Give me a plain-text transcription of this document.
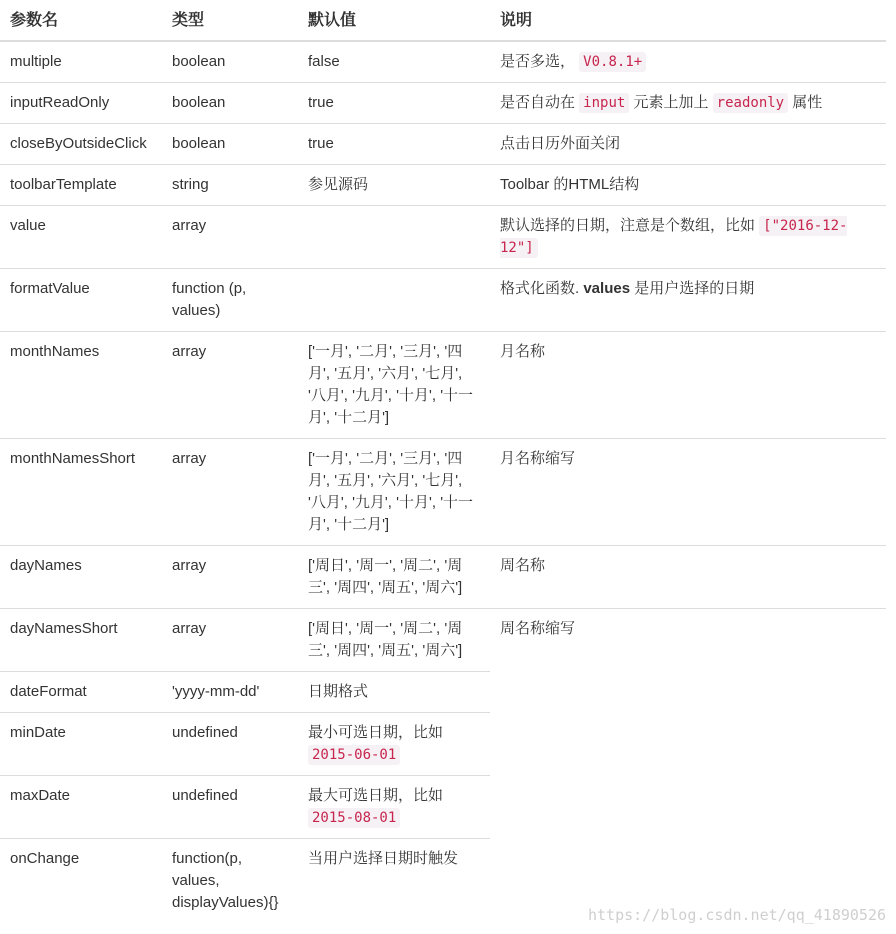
参数名	类型	默认值	说明
multiple	boolean	false	是否多选， V0.8.1+
inputReadOnly	boolean	true	是否自动在 input 元素上加上 readonly 属性
closeByOutsideClick	boolean	true	点击日历外面关闭
toolbarTemplate	string	参见源码	Toolbar 的HTML结构
value	array		默认选择的日期，注意是个数组，比如 ["2016-12-12"]
formatValue	function (p, values)		格式化函数. values 是用户选择的日期
monthNames	array	['一月', '二月', '三月', '四月', '五月', '六月', '七月', '八月', '九月', '十月', '十一月', '十二月']	月名称
monthNamesShort	array	['一月', '二月', '三月', '四月', '五月', '六月', '七月', '八月', '九月', '十月', '十一月', '十二月']	月名称缩写
dayNames	array	['周日', '周一', '周二', '周三', '周四', '周五', '周六']	周名称
dayNamesShort	array	['周日', '周一', '周二', '周三', '周四', '周五', '周六']	周名称缩写
dateFormat	'yyyy-mm-dd'	日期格式	
minDate	undefined	最小可选日期，比如 2015-06-01	
maxDate	undefined	最大可选日期，比如 2015-08-01	
onChange	function(p, values, displayValues){}	当用户选择日期时触发	
https://blog.csdn.net/qq_41890526
